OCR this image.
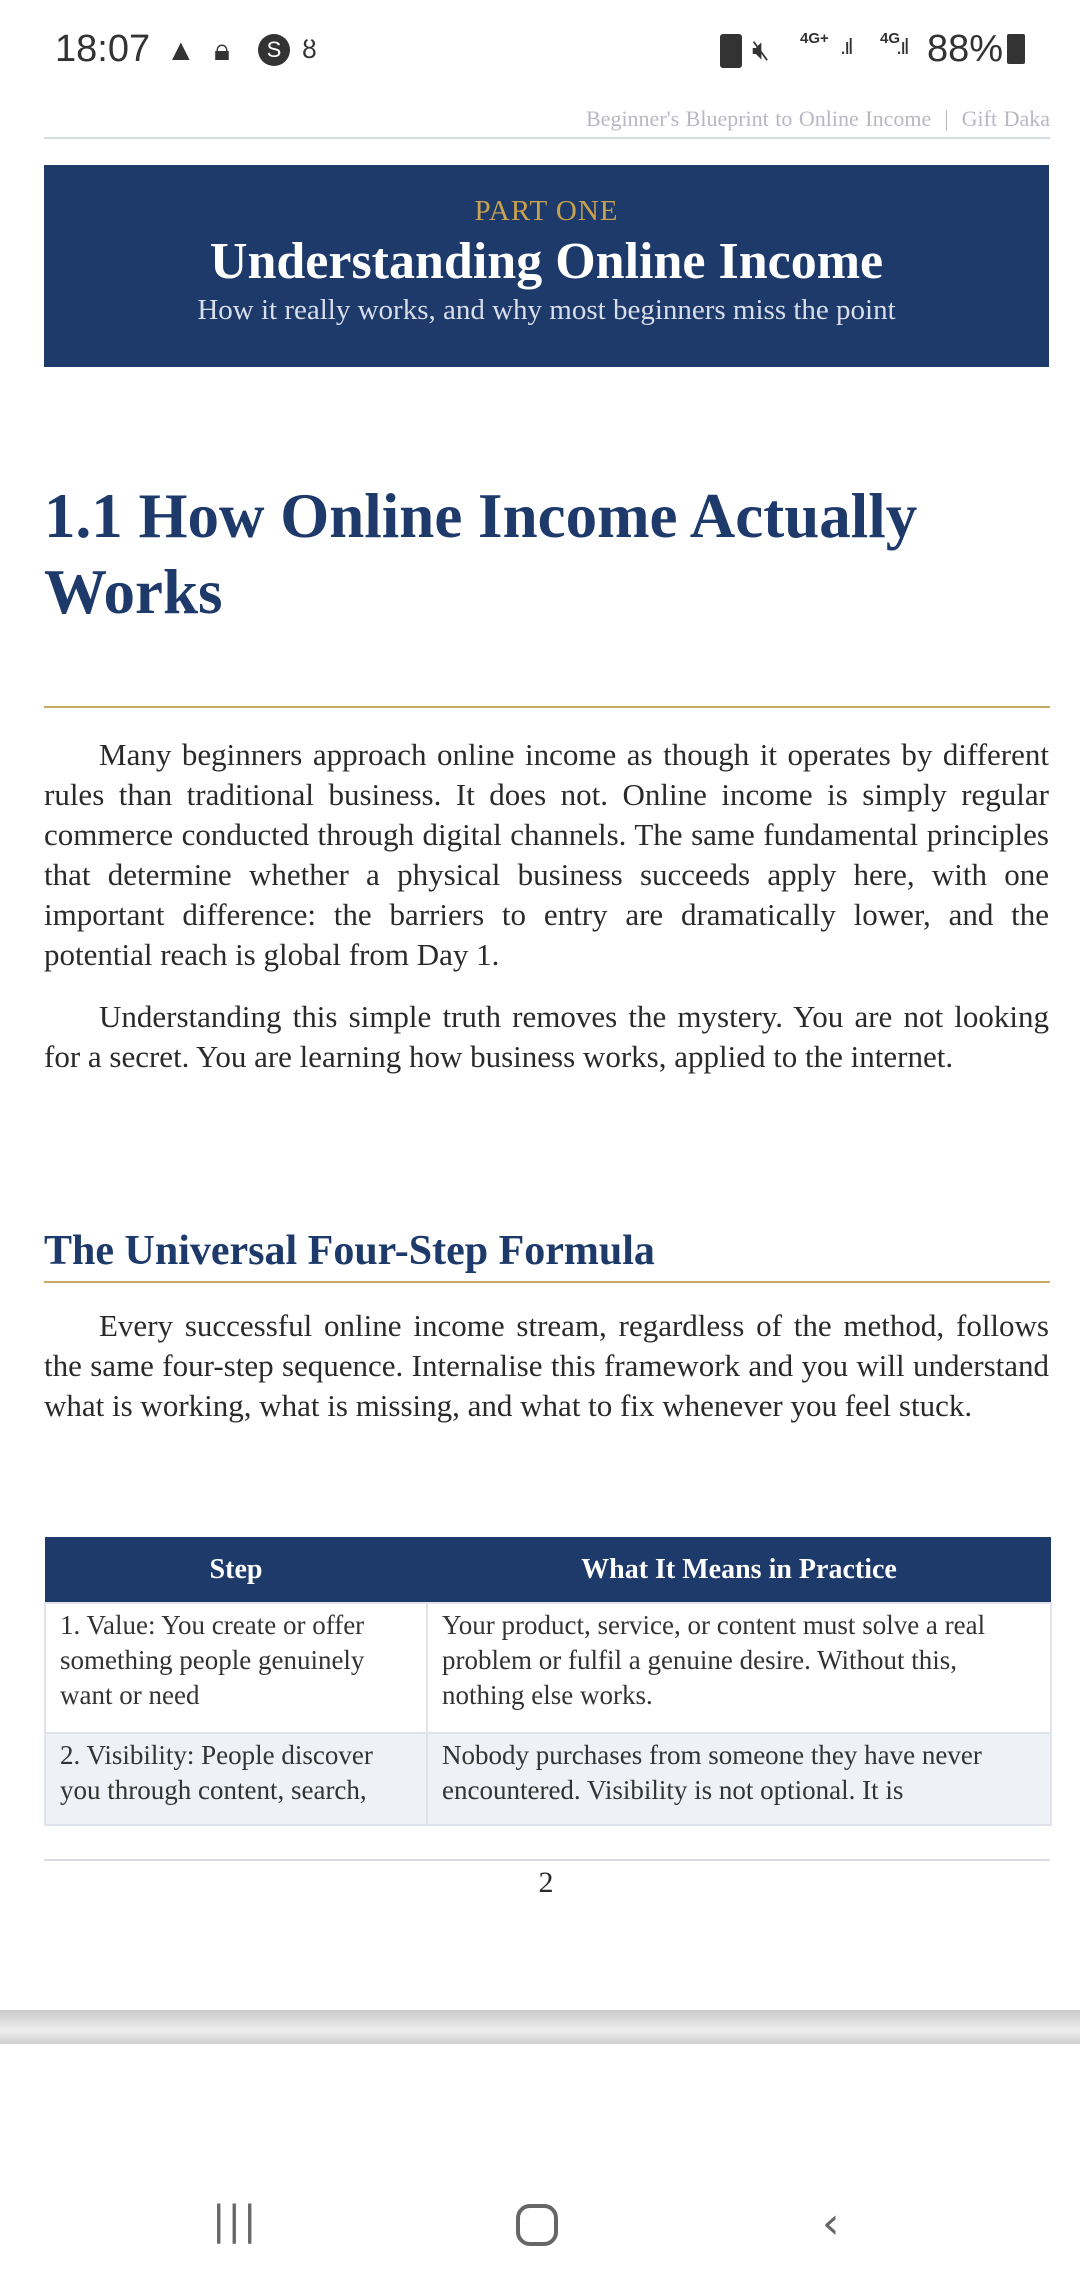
18:07 ▲ 🔒︎	S ȣ	🔇︎ 4G+ .ıl 4G
.ıl 88%
Beginner's Blueprint to Online Income | Gift Daka
PART ONE
Understanding Online Income
How it really works, and why most beginners miss the point
1.1 How Online Income Actually Works

Many beginners approach online income as though it operates by different rules than traditional business. It does not. Online income is simply regular commerce conducted through digital channels. The same fundamental principles that determine whether a physical business succeeds apply here, with one important difference: the barriers to entry are dramatically lower, and the potential reach is global from Day 1.

Understanding this simple truth removes the mystery. You are not looking for a secret. You are learning how business works, applied to the internet.

The Universal Four-Step Formula

Every successful online income stream, regardless of the method, follows the same four-step sequence. Internalise this framework and you will understand what is working, what is missing, and what to fix whenever you feel stuck.

Step	What It Means in Practice
1. Value: You create or offer something people genuinely want or need	Your product, service, or content must solve a real problem or fulfil a genuine desire. Without this, nothing else works.
2. Visibility: People discover you through content, search,	Nobody purchases from someone they have never encountered. Visibility is not optional. It is
2
|||	‹
